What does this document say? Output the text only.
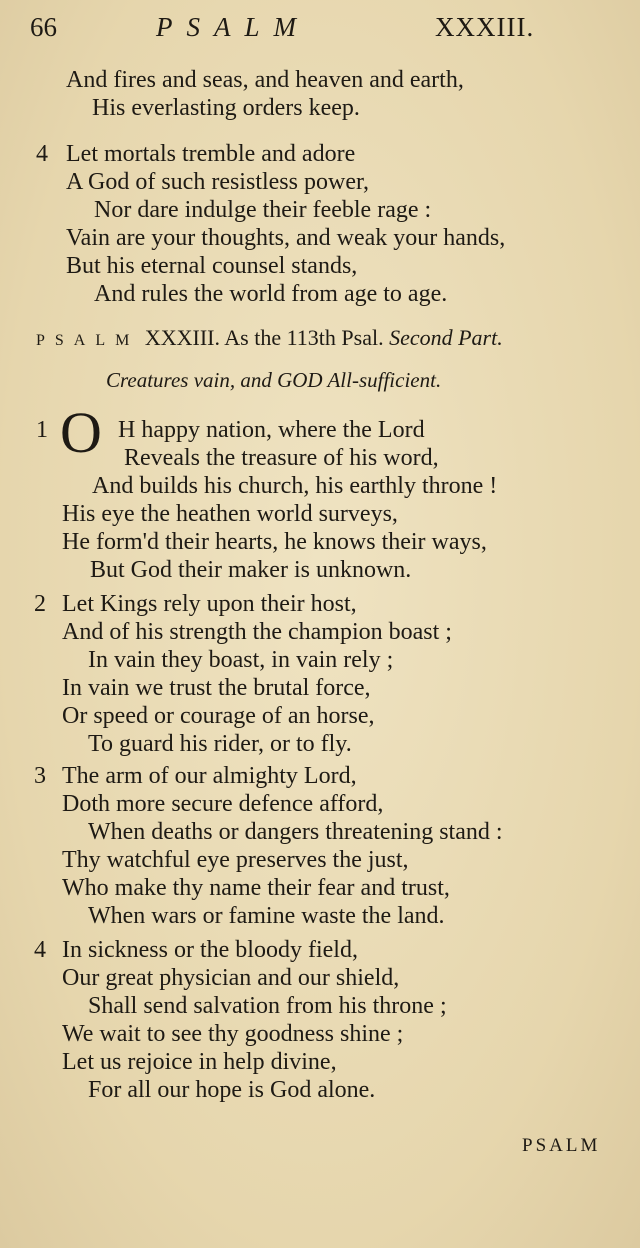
66	PSALM	XXXIII.
And fires and seas, and heaven and earth,
His everlasting orders keep.
4 Let mortals tremble and adore
A God of such resistless power,
Nor dare indulge their feeble rage :
Vain are your thoughts, and weak your hands,
But his eternal counsel stands,
And rules the world from age to age.
PSALM XXXIII. As the 113th Psal. Second Part.
Creatures vain, and GOD All-sufficient.
1 O H happy nation, where the Lord
Reveals the treasure of his word,
And builds his church, his earthly throne !
His eye the heathen world surveys,
He form'd their hearts, he knows their ways,
But God their maker is unknown.
2 Let Kings rely upon their host,
And of his strength the champion boast ;
In vain they boast, in vain rely ;
In vain we trust the brutal force,
Or speed or courage of an horse,
To guard his rider, or to fly.
3 The arm of our almighty Lord,
Doth more secure defence afford,
When deaths or dangers threatening stand :
Thy watchful eye preserves the just,
Who make thy name their fear and trust,
When wars or famine waste the land.
4 In sickness or the bloody field,
Our great physician and our shield,
Shall send salvation from his throne ;
We wait to see thy goodness shine ;
Let us rejoice in help divine,
For all our hope is God alone.
PSALM
